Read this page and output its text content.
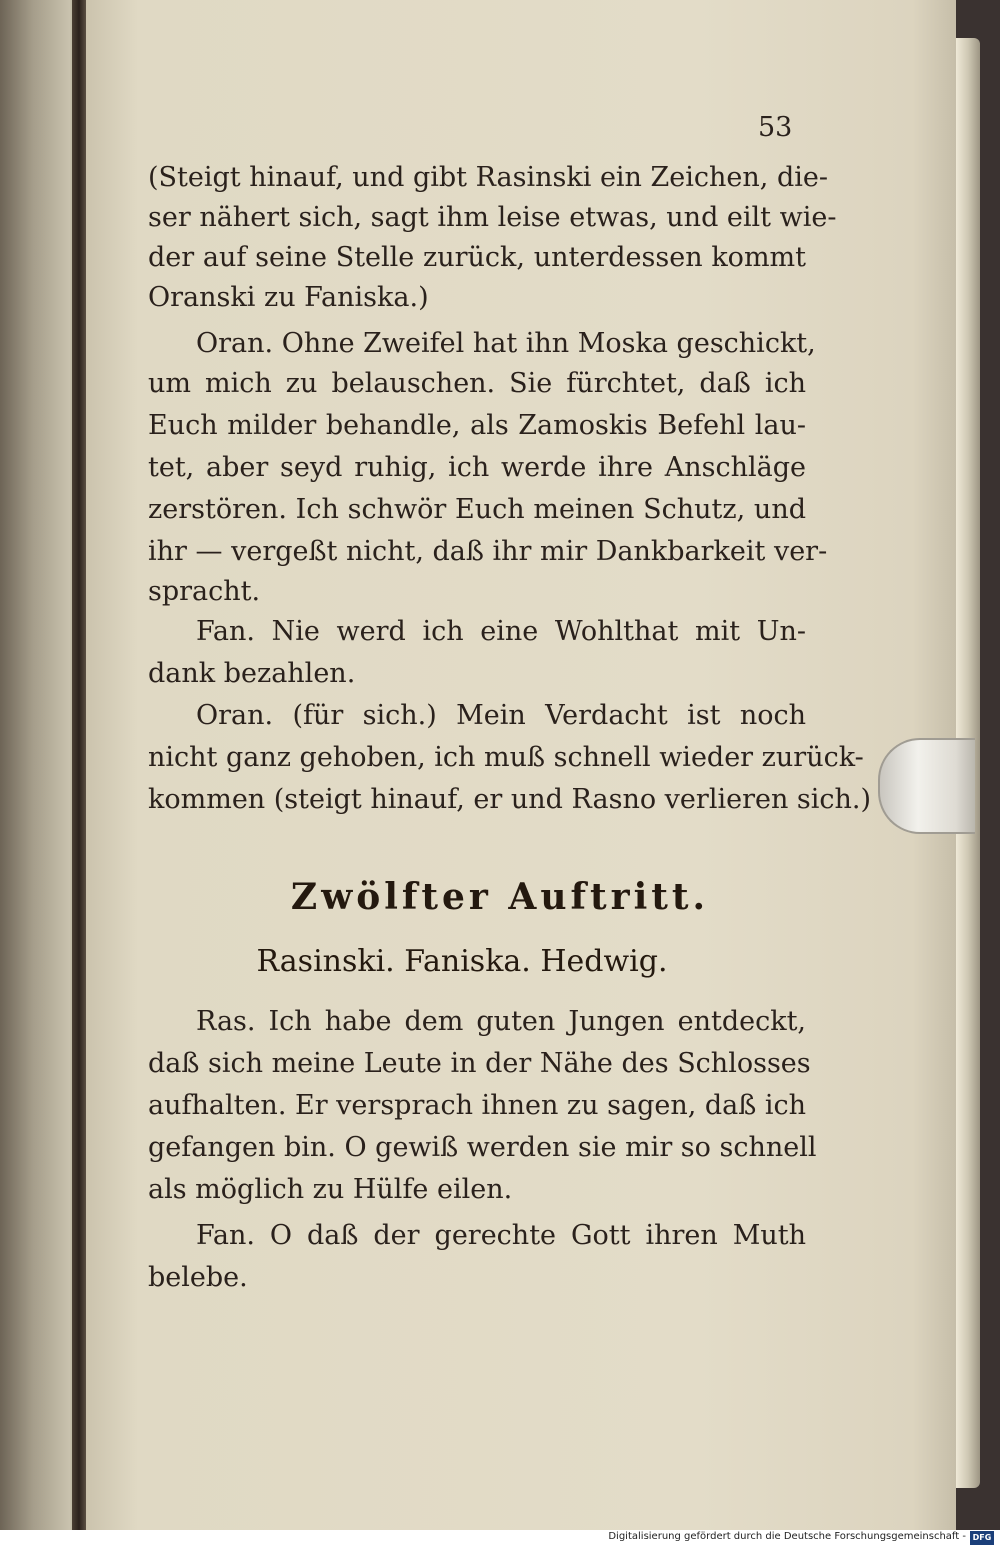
53
(Steigt hinauf, und gibt Rasinski ein Zeichen, die-
ser nähert sich, sagt ihm leise etwas, und eilt wie-
der auf seine Stelle zurück, unterdessen kommt
Oranski zu Faniska.)
Oran. Ohne Zweifel hat ihn Moska geschickt,
um mich zu belauschen. Sie fürchtet, daß ich
Euch milder behandle, als Zamoskis Befehl lau-
tet, aber seyd ruhig, ich werde ihre Anschläge
zerstören. Ich schwör Euch meinen Schutz, und
ihr — vergeßt nicht, daß ihr mir Dankbarkeit ver-
spracht.
Fan. Nie werd ich eine Wohlthat mit Un-
dank bezahlen.
Oran. (für sich.) Mein Verdacht ist noch
nicht ganz gehoben, ich muß schnell wieder zurück-
kommen (steigt hinauf, er und Rasno verlieren sich.)
Zwölfter Auftritt.
Rasinski. Faniska. Hedwig.
Ras. Ich habe dem guten Jungen entdeckt,
daß sich meine Leute in der Nähe des Schlosses
aufhalten. Er versprach ihnen zu sagen, daß ich
gefangen bin. O gewiß werden sie mir so schnell
als möglich zu Hülfe eilen.
Fan. O daß der gerechte Gott ihren Muth
belebe.
Digitalisierung gefördert durch die Deutsche Forschungsgemeinschaft - DFG
